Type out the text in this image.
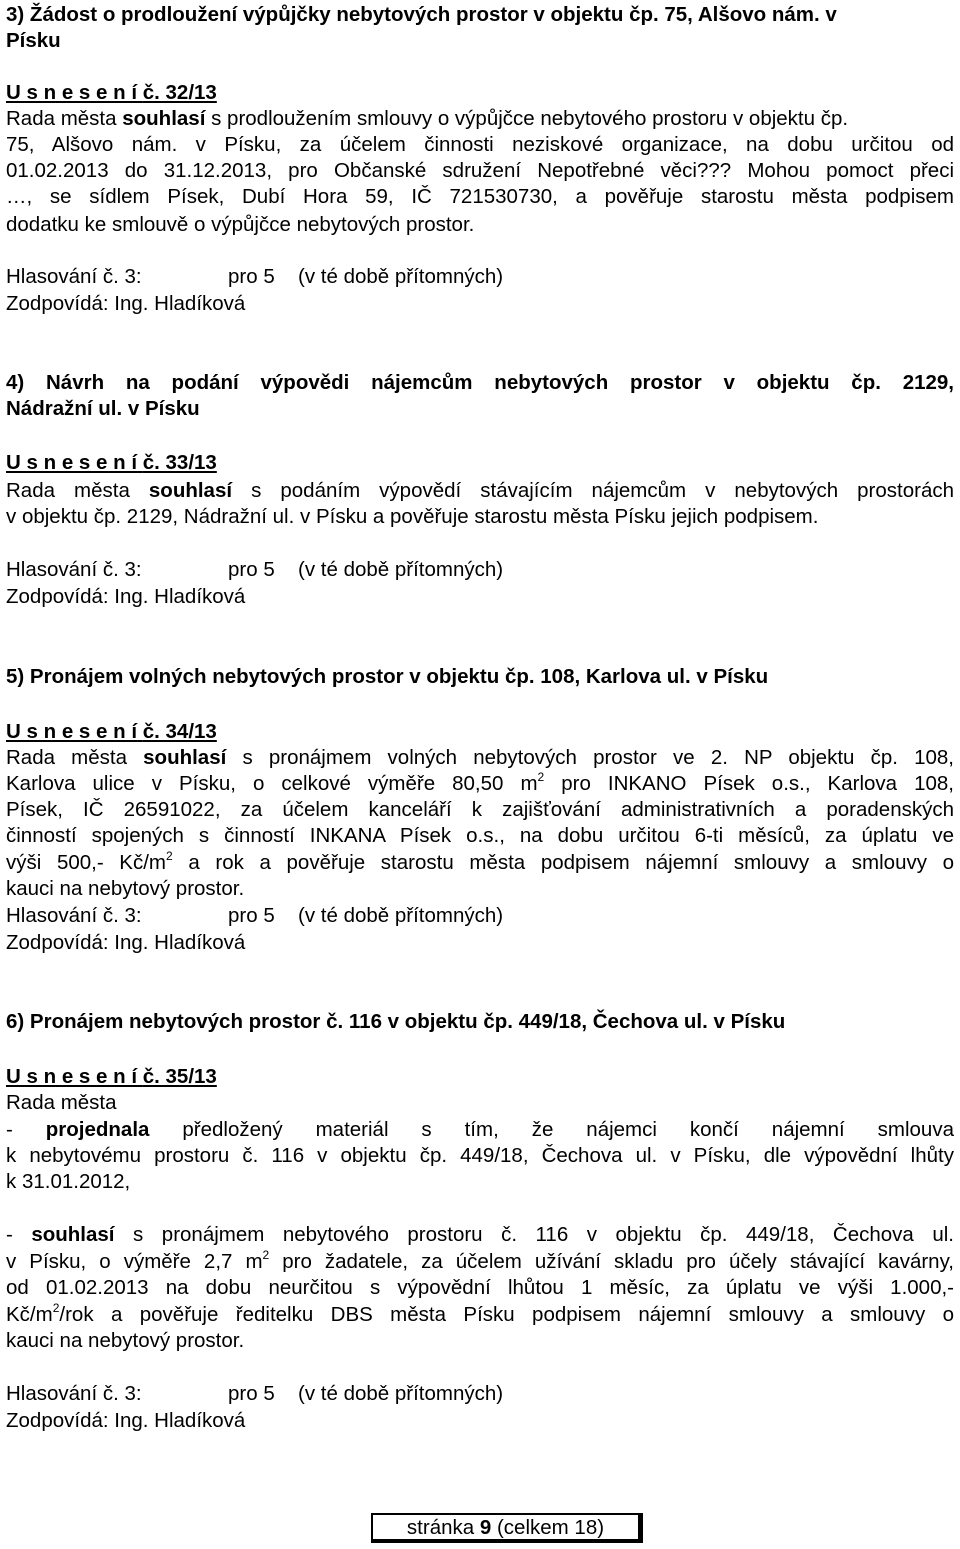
3) Žádost o prodloužení výpůjčky nebytových prostor v objektu čp. 75, Alšovo nám. v
Písku
U s n e s e n í č. 32/13
Rada města souhlasí s prodloužením smlouvy o výpůjčce nebytového prostoru v objektu čp.
75, Alšovo nám. v Písku, za účelem činnosti neziskové organizace, na dobu určitou od
01.02.2013 do 31.12.2013, pro Občanské sdružení Nepotřebné věci??? Mohou pomoct přeci
…, se sídlem Písek, Dubí Hora 59, IČ 721530730, a pověřuje starostu města podpisem
dodatku ke smlouvě o výpůjčce nebytových prostor.
Hlasování č. 3:	pro 5 (v té době přítomných)
Zodpovídá: Ing. Hladíková
4) Návrh na podání výpovědi nájemcům nebytových prostor v objektu čp. 2129,
Nádražní ul. v Písku
U s n e s e n í č. 33/13
Rada města souhlasí s podáním výpovědí stávajícím nájemcům v nebytových prostorách
v objektu čp. 2129, Nádražní ul. v Písku a pověřuje starostu města Písku jejich podpisem.
Hlasování č. 3:	pro 5 (v té době přítomných)
Zodpovídá: Ing. Hladíková
5) Pronájem volných nebytových prostor v objektu čp. 108, Karlova ul. v Písku
U s n e s e n í č. 34/13
Rada města souhlasí s pronájmem volných nebytových prostor ve 2. NP objektu čp. 108,
Karlova ulice v Písku, o celkové výměře 80,50 $m^2$ pro INKANO Písek o.s., Karlova 108,
Písek, IČ 26591022, za účelem kanceláří k zajišťování administrativních a poradenských
činností spojených s činností INKANA Písek o.s., na dobu určitou 6-ti měsíců, za úplatu ve
výši 500,- $Kč/m^2$ a rok a pověřuje starostu města podpisem nájemní smlouvy a smlouvy o
kauci na nebytový prostor.
Hlasování č. 3:	pro 5 (v té době přítomných)
Zodpovídá: Ing. Hladíková
6) Pronájem nebytových prostor č. 116 v objektu čp. 449/18, Čechova ul. v Písku
U s n e s e n í č. 35/13
Rada města
- projednala předložený materiál s tím, že nájemci končí nájemní smlouva
k nebytovému prostoru č. 116 v objektu čp. 449/18, Čechova ul. v Písku, dle výpovědní lhůty
k 31.01.2012,
- souhlasí s pronájmem nebytového prostoru č. 116 v objektu čp. 449/18, Čechova ul.
v Písku, o výměře 2,7 $m^2$ pro žadatele, za účelem užívání skladu pro účely stávající kavárny,
od 01.02.2013 na dobu neurčitou s výpovědní lhůtou 1 měsíc, za úplatu ve výši 1.000,-
$Kč/m^2$/rok a pověřuje ředitelku DBS města Písku podpisem nájemní smlouvy a smlouvy o
kauci na nebytový prostor.
Hlasování č. 3:	pro 5 (v té době přítomných)
Zodpovídá: Ing. Hladíková
stránka 9 (celkem 18)
